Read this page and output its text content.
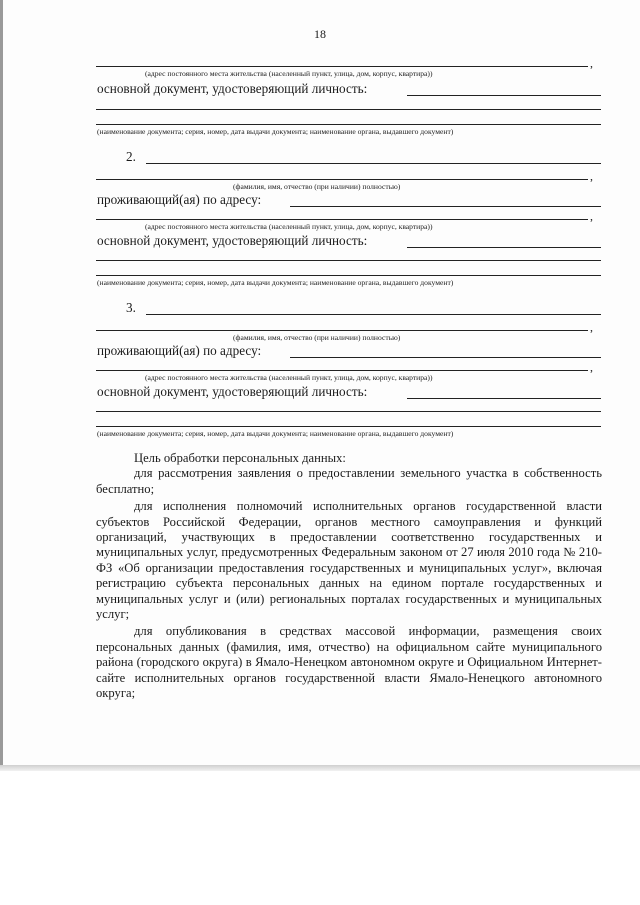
18
,
(адрес постоянного места жительства (населенный пункт, улица, дом, корпус, квартира))
основной документ, удостоверяющий личность:
(наименование документа; серия, номер, дата выдачи документа; наименование органа, выдавшего документ)
2.
,
(фамилия, имя, отчество (при наличии) полностью)
проживающий(ая) по адресу:
,
(адрес постоянного места жительства (населенный пункт, улица, дом, корпус, квартира))
основной документ, удостоверяющий личность:
(наименование документа; серия, номер, дата выдачи документа; наименование органа, выдавшего документ)
3.
,
(фамилия, имя, отчество (при наличии) полностью)
проживающий(ая) по адресу:
,
(адрес постоянного места жительства (населенный пункт, улица, дом, корпус, квартира))
основной документ, удостоверяющий личность:
(наименование документа; серия, номер, дата выдачи документа; наименование органа, выдавшего документ)

Цель обработки персональных данных:

для рассмотрения заявления о предоставлении земельного участка в собственность бесплатно;

для исполнения полномочий исполнительных органов государственной власти субъектов Российской Федерации, органов местного самоуправления и функций организаций, участвующих в предоставлении соответственно государственных и муниципальных услуг, предусмотренных Федеральным законом от 27 июля 2010 года № 210-ФЗ «Об организации предоставления государственных и муниципальных услуг», включая регистрацию субъекта персональных данных на едином портале государственных и муниципальных услуг и (или) региональных порталах государственных и муниципальных услуг;

для опубликования в средствах массовой информации, размещения своих персональных данных (фамилия, имя, отчество) на официальном сайте муниципального района (городского округа) в Ямало-Ненецком автономном округе и Официальном Интернет-сайте исполнительных органов государственной власти Ямало-Ненецкого автономного округа;
